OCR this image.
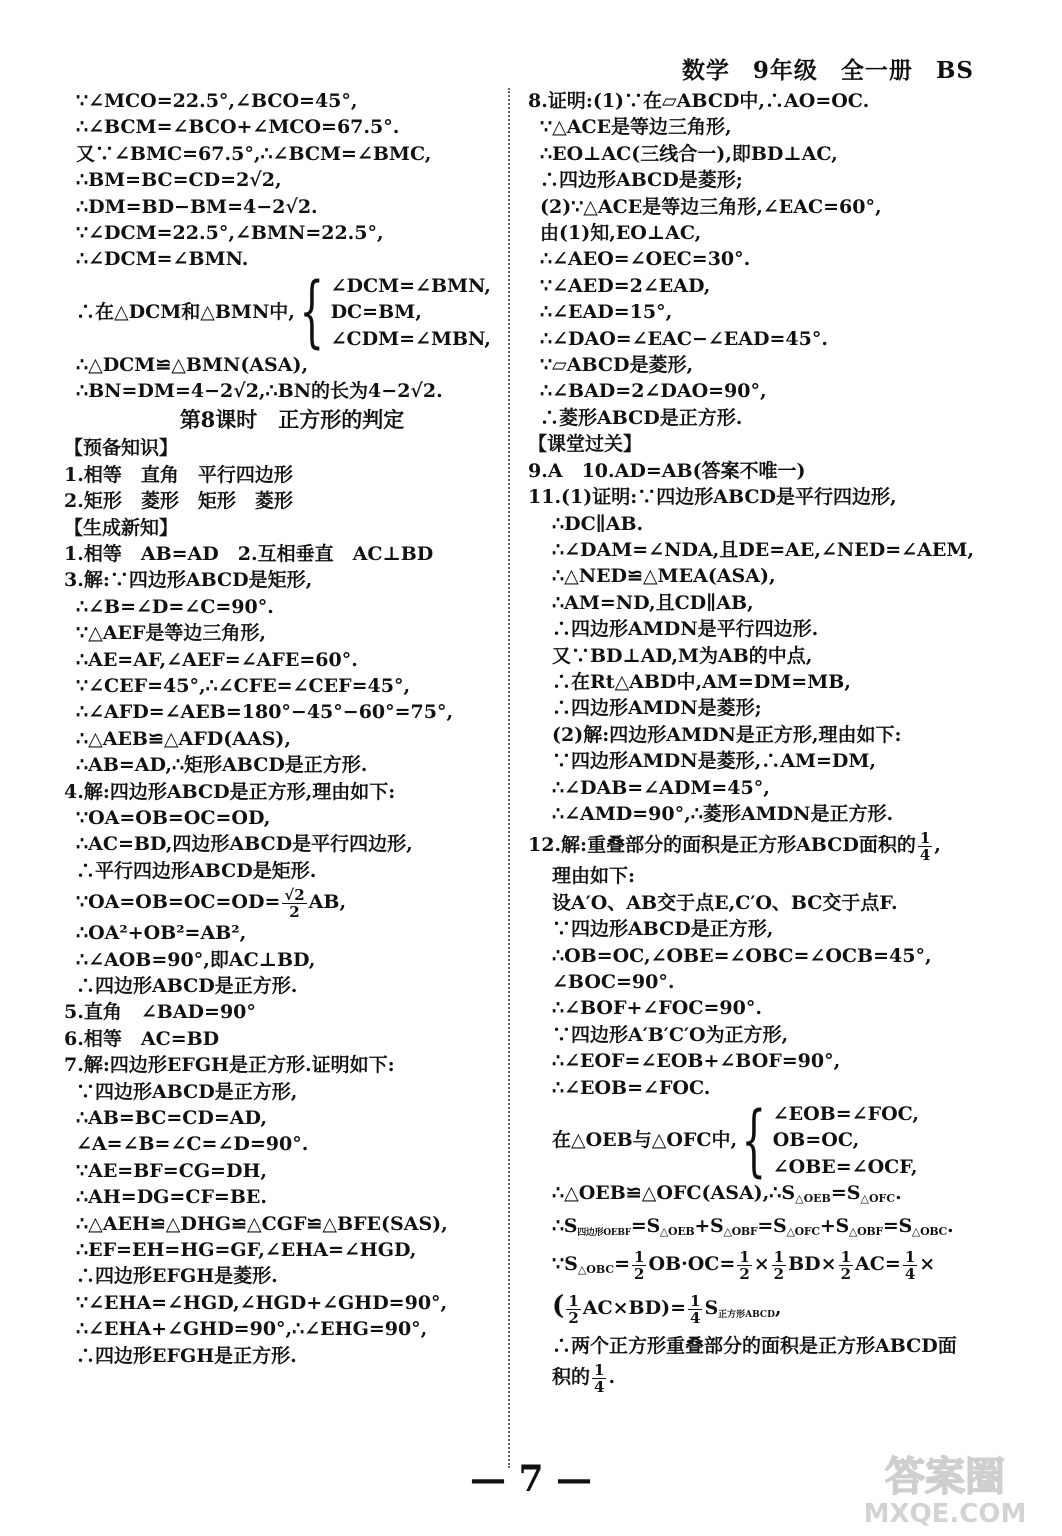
数学 9年级 全一册 BS
∵∠MCO=22.5°,∠BCO=45°,
∴∠BCM=∠BCO+∠MCO=67.5°.
又∵∠BMC=67.5°,∴∠BCM=∠BMC,
∴BM=BC=CD=2√2,
∴DM=BD−BM=4−2√2.
∵∠DCM=22.5°,∠BMN=22.5°,
∴∠DCM=∠BMN.
∴在△DCM和△BMN中, { ∠DCM=∠BMN,
DC=BM,
∠CDM=∠MBN,
∴△DCM≌△BMN(ASA),
∴BN=DM=4−2√2,∴BN的长为4−2√2.
第8课时　正方形的判定
【预备知识】
1.相等　直角　平行四边形
2.矩形　菱形　矩形　菱形
【生成新知】
1.相等　AB=AD　2.互相垂直　AC⊥BD
3.解:∵四边形ABCD是矩形,
∴∠B=∠D=∠C=90°.
∵△AEF是等边三角形,
∴AE=AF,∠AEF=∠AFE=60°.
∵∠CEF=45°,∴∠CFE=∠CEF=45°,
∴∠AFD=∠AEB=180°−45°−60°=75°,
∴△AEB≌△AFD(AAS),
∴AB=AD,∴矩形ABCD是正方形.
4.解:四边形ABCD是正方形,理由如下:
∵OA=OB=OC=OD,
∴AC=BD,四边形ABCD是平行四边形,
∴平行四边形ABCD是矩形.
∵OA=OB=OC=OD= $\frac{√2}{2}$ AB,
∴OA²+OB²=AB²,
∴∠AOB=90°,即AC⊥BD,
∴四边形ABCD是正方形.
5.直角　∠BAD=90°
6.相等　AC=BD
7.解:四边形EFGH是正方形.证明如下:
∵四边形ABCD是正方形,
∴AB=BC=CD=AD,
∠A=∠B=∠C=∠D=90°.
∵AE=BF=CG=DH,
∴AH=DG=CF=BE.
∴△AEH≌△DHG≌△CGF≌△BFE(SAS),
∴EF=EH=HG=GF,∠EHA=∠HGD,
∴四边形EFGH是菱形.
∵∠EHA=∠HGD,∠HGD+∠GHD=90°,
∴∠EHA+∠GHD=90°,∴∠EHG=90°,
∴四边形EFGH是正方形.
8.证明:(1)∵在▱ABCD中,∴AO=OC.
∵△ACE是等边三角形,
∴EO⊥AC(三线合一),即BD⊥AC,
∴四边形ABCD是菱形;
(2)∵△ACE是等边三角形,∠EAC=60°,
由(1)知,EO⊥AC,
∴∠AEO=∠OEC=30°.
∵∠AED=2∠EAD,
∴∠EAD=15°,
∴∠DAO=∠EAC−∠EAD=45°.
∵▱ABCD是菱形,
∴∠BAD=2∠DAO=90°,
∴菱形ABCD是正方形.
【课堂过关】
9.A　10.AD=AB(答案不唯一)
11.(1)证明:∵四边形ABCD是平行四边形,
∴DC∥AB.
∴∠DAM=∠NDA,且DE=AE,∠NED=∠AEM,
∴△NED≌△MEA(ASA),
∴AM=ND,且CD∥AB,
∴四边形AMDN是平行四边形.
又∵BD⊥AD,M为AB的中点,
∴在Rt△ABD中,AM=DM=MB,
∴四边形AMDN是菱形;
(2)解:四边形AMDN是正方形,理由如下:
∵四边形AMDN是菱形,∴AM=DM,
∴∠DAB=∠ADM=45°,
∴∠AMD=90°,∴菱形AMDN是正方形.
12.解:重叠部分的面积是正方形ABCD面积的 $\frac{1}{4}$ ,
理由如下:
设A′O、AB交于点E,C′O、BC交于点F.
∵四边形ABCD是正方形,
∴OB=OC,∠OBE=∠OBC=∠OCB=45°,
∠BOC=90°.
∴∠BOF+∠FOC=90°.
∵四边形A′B′C′O为正方形,
∴∠EOF=∠EOB+∠BOF=90°,
∴∠EOB=∠FOC.
在△OEB与△OFC中, { ∠EOB=∠FOC,
OB=OC,
∠OBE=∠OCF,
$\therefore\triangle OEB≌\triangle OFC(ASA),\therefore S_{\triangle OEB}=S_{\triangle OFC}$.
$\therefore S_{四边形OEBF}=S_{\triangle OEB}+S_{\triangle OBF}=S_{\triangle OFC}+S_{\triangle OBF}=S_{\triangle OBC}$.
$\because S_{\triangle OBC}= \frac{1}{2} OB\cdot OC= \frac{1}{2} \times \frac{1}{2} BD\times \frac{1}{2} AC= \frac{1}{4}$ ×
( $\frac{1}{2} AC\times BD)= \frac{1}{4} S_{正方形ABCD}$,
∴两个正方形重叠部分的面积是正方形ABCD面
积的 $\frac{1}{4}$ .
— 7 —	答案圈
MXQE.COM
